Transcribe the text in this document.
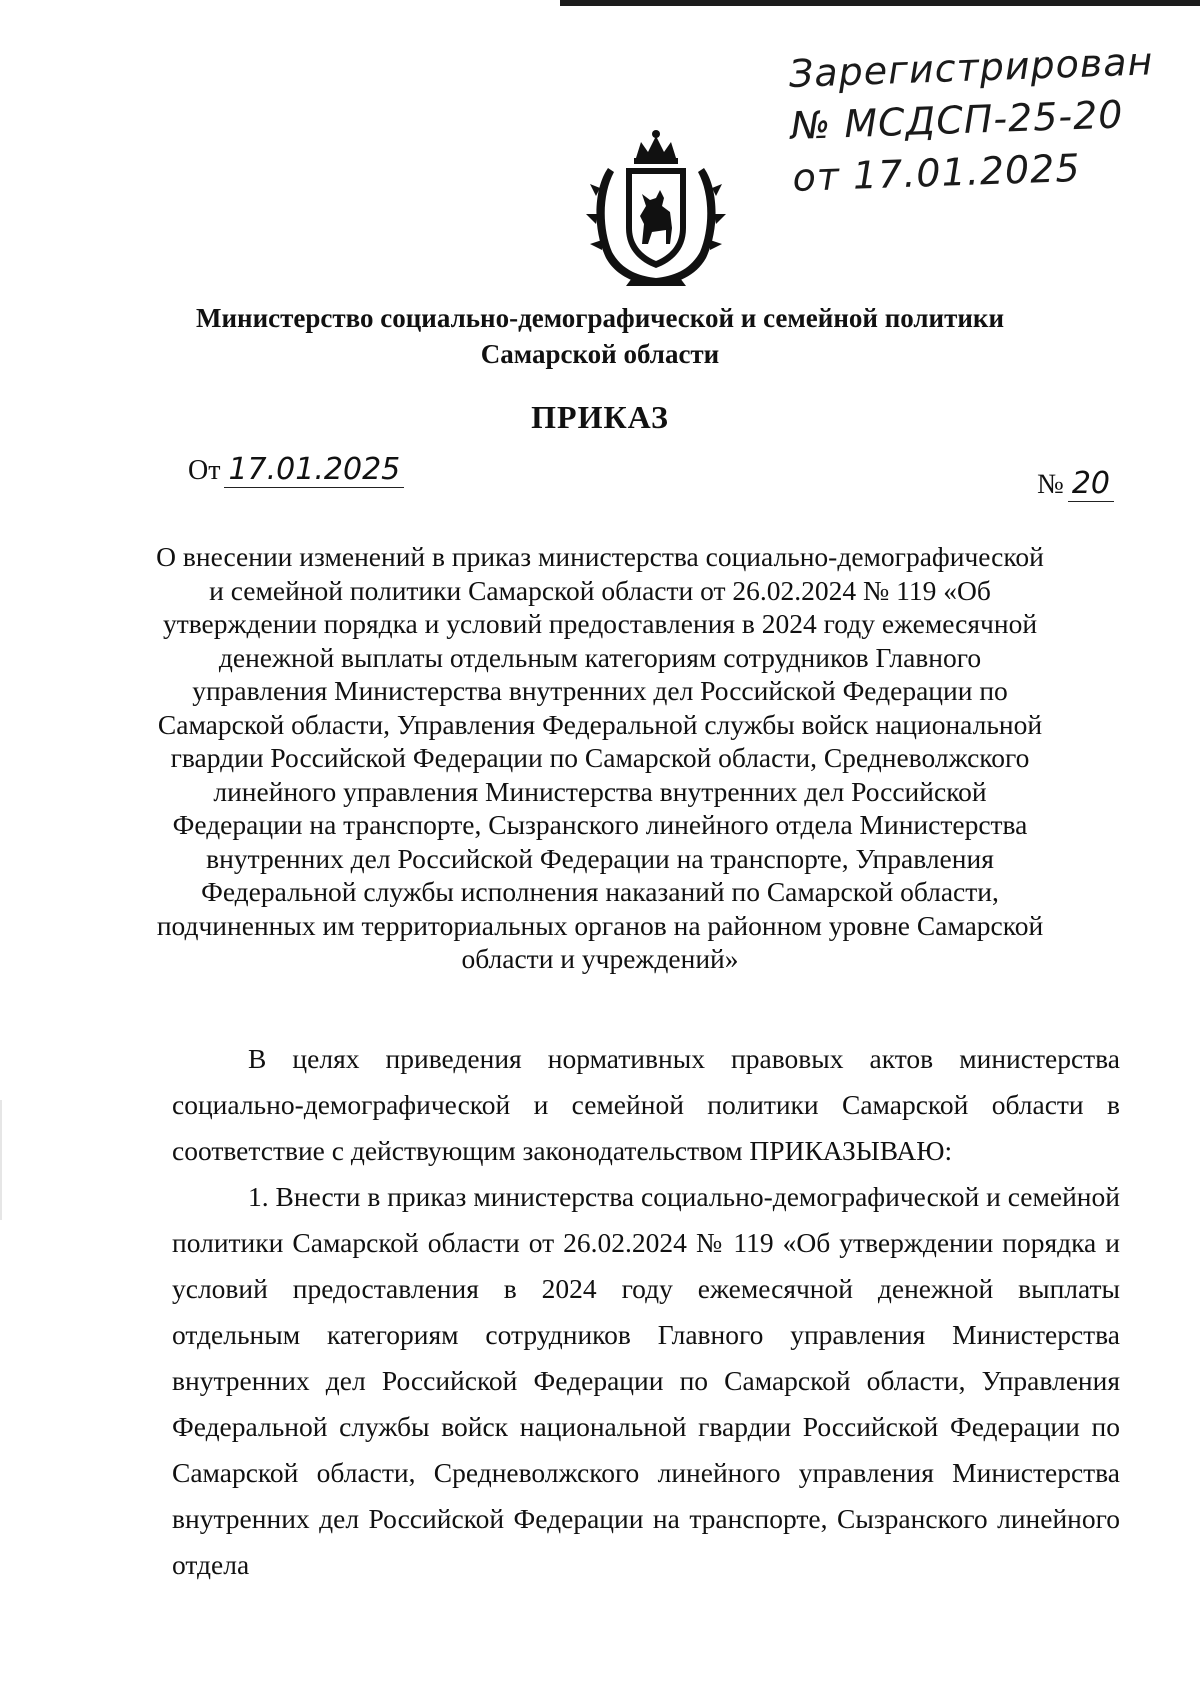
Зарегистрирован
№ МСДСП-25-20
от 17.01.2025
Министерство социально-демографической и семейной политики
Самарской области
ПРИКАЗ
От 17.01.2025	№ 20
О внесении изменений в приказ министерства социально-демографической и семейной политики Самарской области от 26.02.2024 № 119 «Об утверждении порядка и условий предоставления в 2024 году ежемесячной денежной выплаты отдельным категориям сотрудников Главного управления Министерства внутренних дел Российской Федерации по Самарской области, Управления Федеральной службы войск национальной гвардии Российской Федерации по Самарской области, Средневолжского линейного управления Министерства внутренних дел Российской Федерации на транспорте, Сызранского линейного отдела Министерства внутренних дел Российской Федерации на транспорте, Управления Федеральной службы исполнения наказаний по Самарской области, подчиненных им территориальных органов на районном уровне Самарской области и учреждений»

В целях приведения нормативных правовых актов министерства социально-демографической и семейной политики Самарской области в соответствие с действующим законодательством ПРИКАЗЫВАЮ:

1. Внести в приказ министерства социально-демографической и семейной политики Самарской области от 26.02.2024 № 119 «Об утверждении порядка и условий предоставления в 2024 году ежемесячной денежной выплаты отдельным категориям сотрудников Главного управления Министерства внутренних дел Российской Федерации по Самарской области, Управления Федеральной службы войск национальной гвардии Российской Федерации по Самарской области, Средневолжского линейного управления Министерства внутренних дел Российской Федерации на транспорте, Сызранского линейного отдела
